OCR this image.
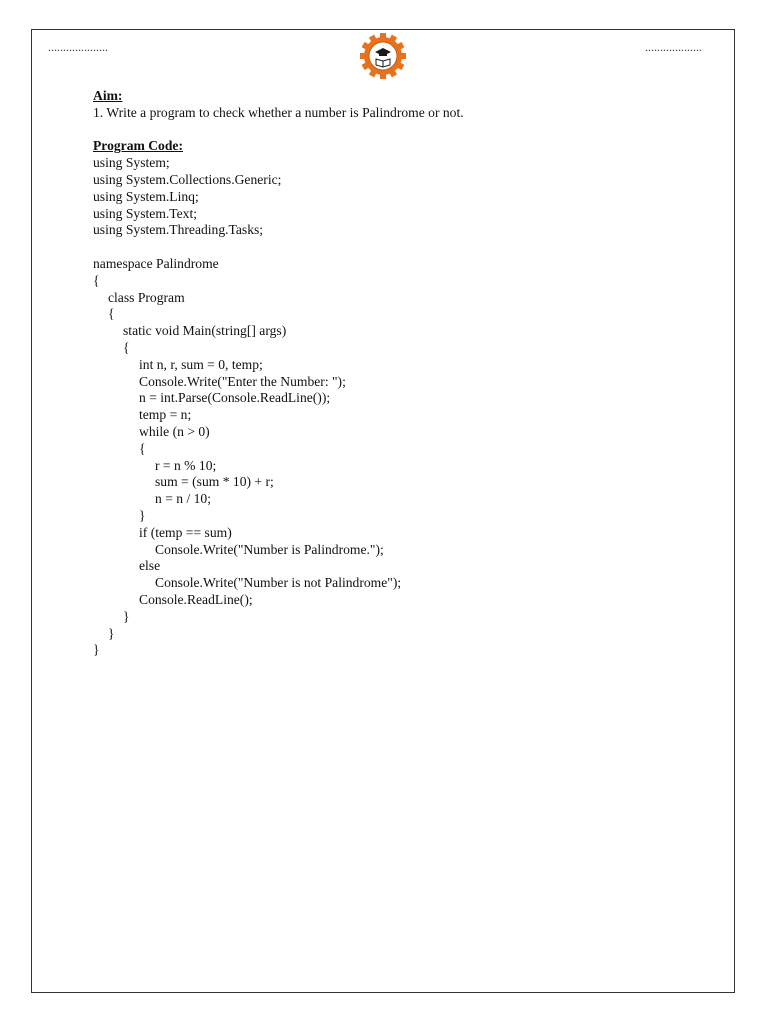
....................	...................
Aim:
1. Write a program to check whether a number is Palindrome or not.
Program Code:
using System;
using System.Collections.Generic;
using System.Linq;
using System.Text;
using System.Threading.Tasks;
namespace Palindrome
{
class Program
{
static void Main(string[] args)
{
int n, r, sum = 0, temp;
Console.Write("Enter the Number: ");
n = int.Parse(Console.ReadLine());
temp = n;
while (n > 0)
{
r = n % 10;
sum = (sum * 10) + r;
n = n / 10;
}
if (temp == sum)
Console.Write("Number is Palindrome.");
else
Console.Write("Number is not Palindrome");
Console.ReadLine();
}
}
}
